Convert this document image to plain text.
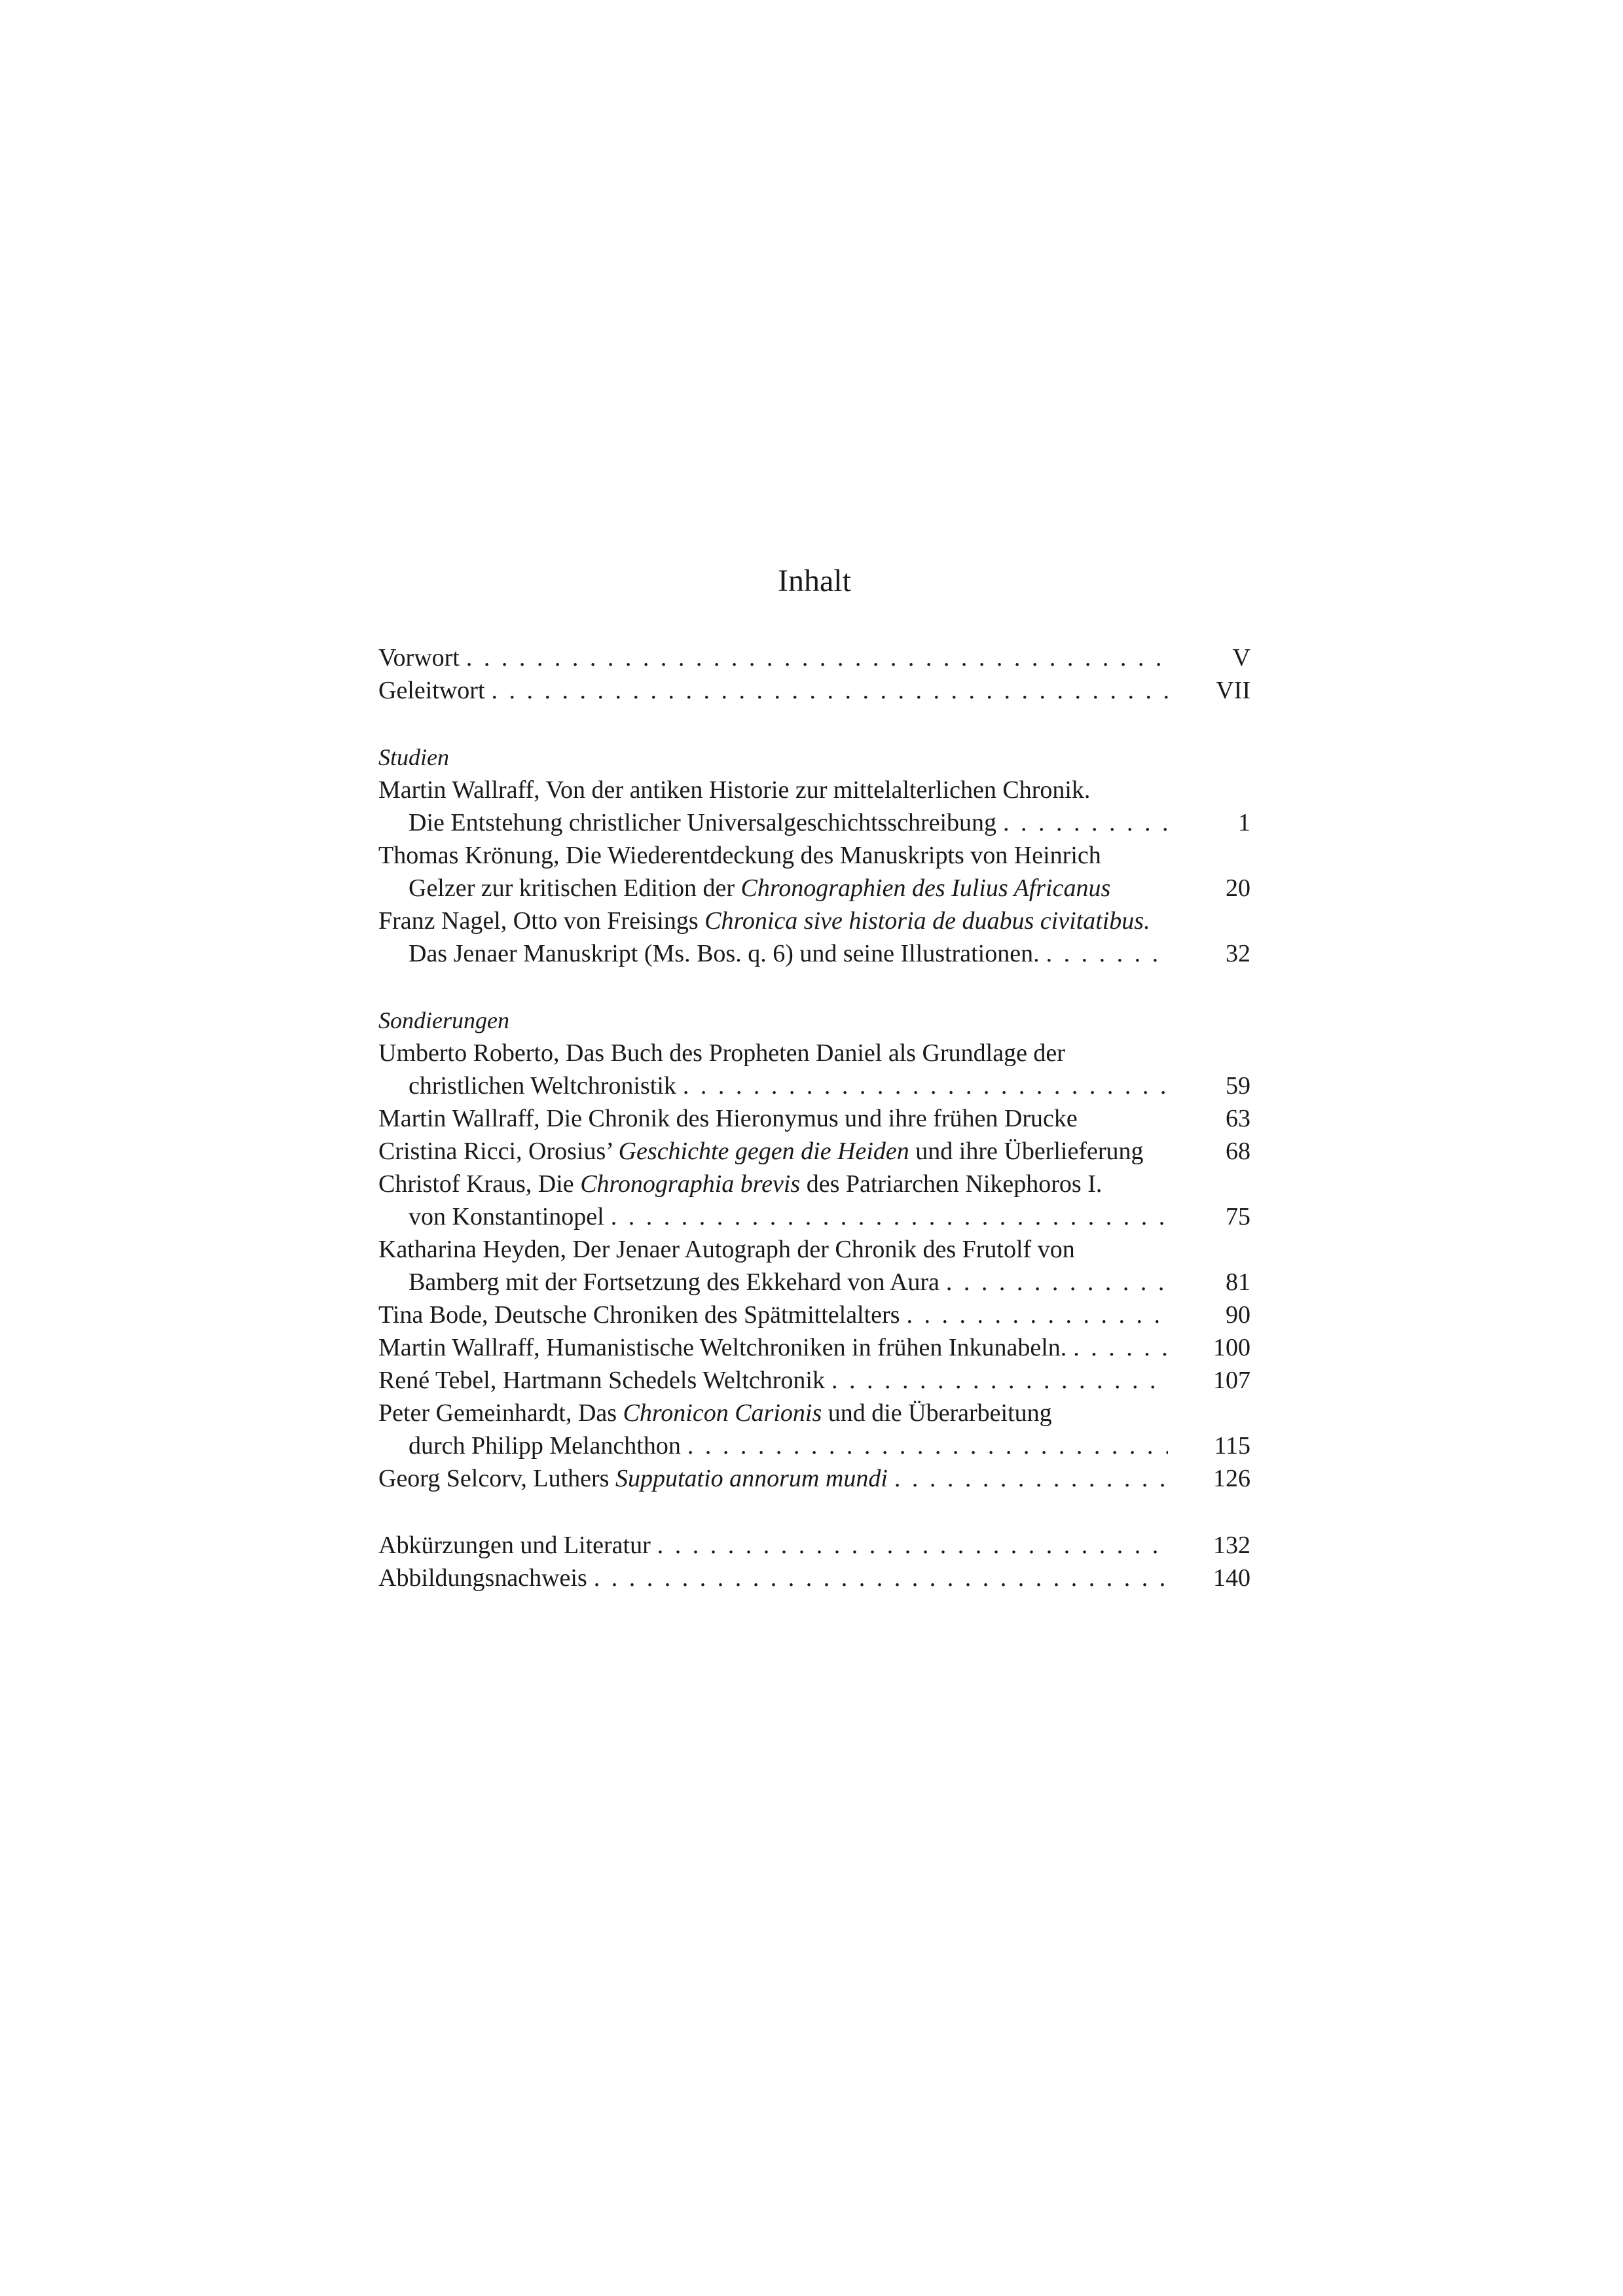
Inhalt
Vorwort . . .	V
Geleitwort . . .	VII
Studien
Martin Wallraff, Von der antiken Historie zur mittelalterlichen Chronik.
Die Entstehung christlicher Universalgeschichtsschreibung . . .	1
Thomas Krönung, Die Wiederentdeckung des Manuskripts von Heinrich
Gelzer zur kritischen Edition der Chronographien des Iulius Africanus	20
Franz Nagel, Otto von Freisings Chronica sive historia de duabus civitatibus.
Das Jenaer Manuskript (Ms. Bos. q. 6) und seine Illustrationen. . . .	32
Sondierungen
Umberto Roberto, Das Buch des Propheten Daniel als Grundlage der
christlichen Weltchronistik . . .	59
Martin Wallraff, Die Chronik des Hieronymus und ihre frühen Drucke	63
Cristina Ricci, Orosius’ Geschichte gegen die Heiden und ihre Überlieferung	68
Christof Kraus, Die Chronographia brevis des Patriarchen Nikephoros I.
von Konstantinopel . . .	75
Katharina Heyden, Der Jenaer Autograph der Chronik des Frutolf von
Bamberg mit der Fortsetzung des Ekkehard von Aura . . .	81
Tina Bode, Deutsche Chroniken des Spätmittelalters . . .	90
Martin Wallraff, Humanistische Weltchroniken in frühen Inkunabeln. . . .	100
René Tebel, Hartmann Schedels Weltchronik . . .	107
Peter Gemeinhardt, Das Chronicon Carionis und die Überarbeitung
durch Philipp Melanchthon . . .	115
Georg Selcorv, Luthers Supputatio annorum mundi . . .	126
Abkürzungen und Literatur . . .	132
Abbildungsnachweis . . .	140
